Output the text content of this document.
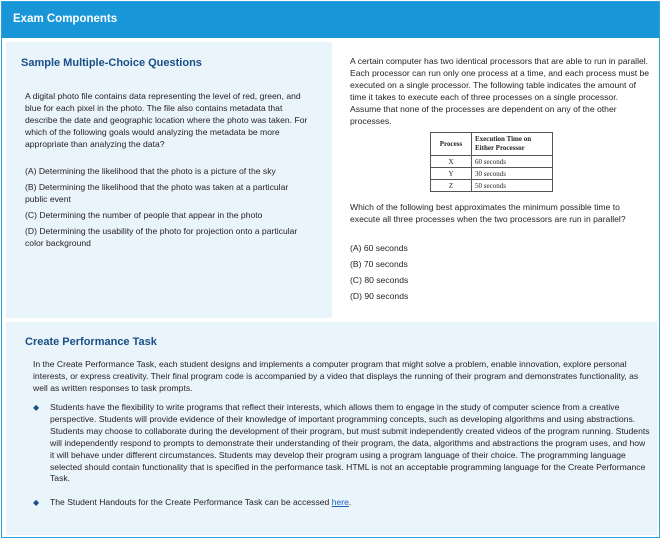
Exam Components
Sample Multiple-Choice Questions
A digital photo file contains data representing the level of red, green, and blue for each pixel in the photo. The file also contains metadata that describe the date and geographic location where the photo was taken. For which of the following goals would analyzing the metadata be more appropriate than analyzing the data?
(A) Determining the likelihood that the photo is a picture of the sky
(B) Determining the likelihood that the photo was taken at a particular public event
(C) Determining the number of people that appear in the photo
(D) Determining the usability of the photo for projection onto a particular color background
A certain computer has two identical processors that are able to run in parallel. Each processor can run only one process at a time, and each process must be executed on a single processor. The following table indicates the amount of time it takes to execute each of three processes on a single processor. Assume that none of the processes are dependent on any of the other processes.
Process	Execution Time on Either Processor
X	60 seconds
Y	30 seconds
Z	50 seconds
Which of the following best approximates the minimum possible time to execute all three processes when the two processors are run in parallel?
(A) 60 seconds
(B) 70 seconds
(C) 80 seconds
(D) 90 seconds
Create Performance Task
In the Create Performance Task, each student designs and implements a computer program that might solve a problem, enable innovation, explore personal interests, or express creativity. Their final program code is accompanied by a video that displays the running of their program and demonstrates functionality, as well as written responses to task prompts.
◆ Students have the flexibility to write programs that reflect their interests, which allows them to engage in the study of computer science from a creative perspective. Students will provide evidence of their knowledge of important programming concepts, such as developing algorithms and using abstractions. Students may choose to collaborate during the development of their program, but must submit independently created videos of the program running. Students will independently respond to prompts to demonstrate their understanding of their program, the data, algorithms and abstractions the program uses, and how it will behave under different circumstances. Students may develop their program using a program language of their choice. The programming language selected should contain functionality that is specified in the performance task. HTML is not an acceptable programming language for the Create Performance Task.
◆ The Student Handouts for the Create Performance Task can be accessed here.
